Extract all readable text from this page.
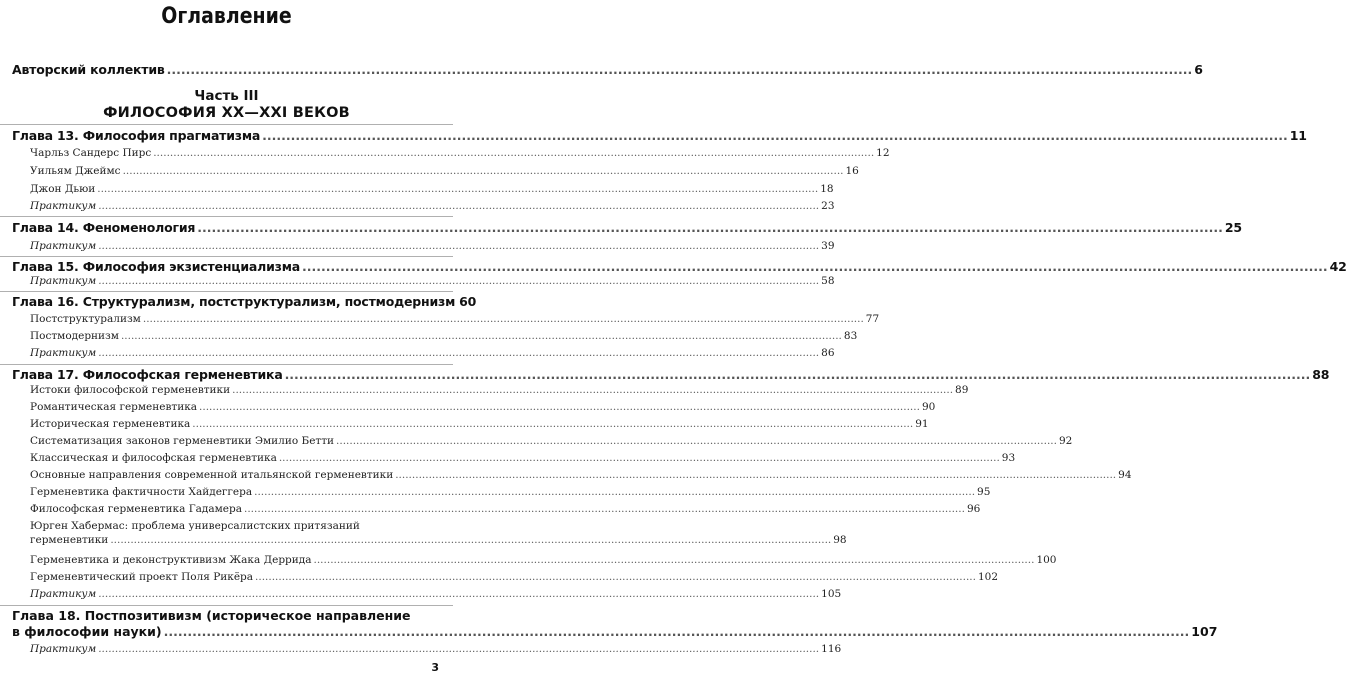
Оглавление
Авторский коллектив .....	6
Часть III
ФИЛОСОФИЯ XX—XXI ВЕКОВ
Глава 13. Философия прагматизма .....	11
Чарльз Сандерс Пирс .....	12
Уильям Джеймс .....	16
Джон Дьюи .....	18
Практикум .....	23
Глава 14. Феноменология .....	25
Практикум .....	39
Глава 15. Философия экзистенциализма .....	42
Практикум .....	58
Глава 16. Структурализм, постструктурализм, постмодернизм 60
Постструктурализм .....	77
Постмодернизм .....	83
Практикум .....	86
Глава 17. Философская герменевтика .....	88
Истоки философской герменевтики .....	89
Романтическая герменевтика .....	90
Историческая герменевтика .....	91
Систематизация законов герменевтики Эмилио Бетти .....	92
Классическая и философская герменевтика .....	93
Основные направления современной итальянской герменевтики .....	94
Герменевтика фактичности Хайдеггера .....	95
Философская герменевтика Гадамера .....	96
Юрген Хабермас: проблема универсалистских притязаний
герменевтики .....	98
Герменевтика и деконструктивизм Жака Деррида .....	100
Герменевтический проект Поля Рикёра .....	102
Практикум .....	105
Глава 18. Постпозитивизм (историческое направление
в философии науки) .....	107
Практикум .....	116
3
